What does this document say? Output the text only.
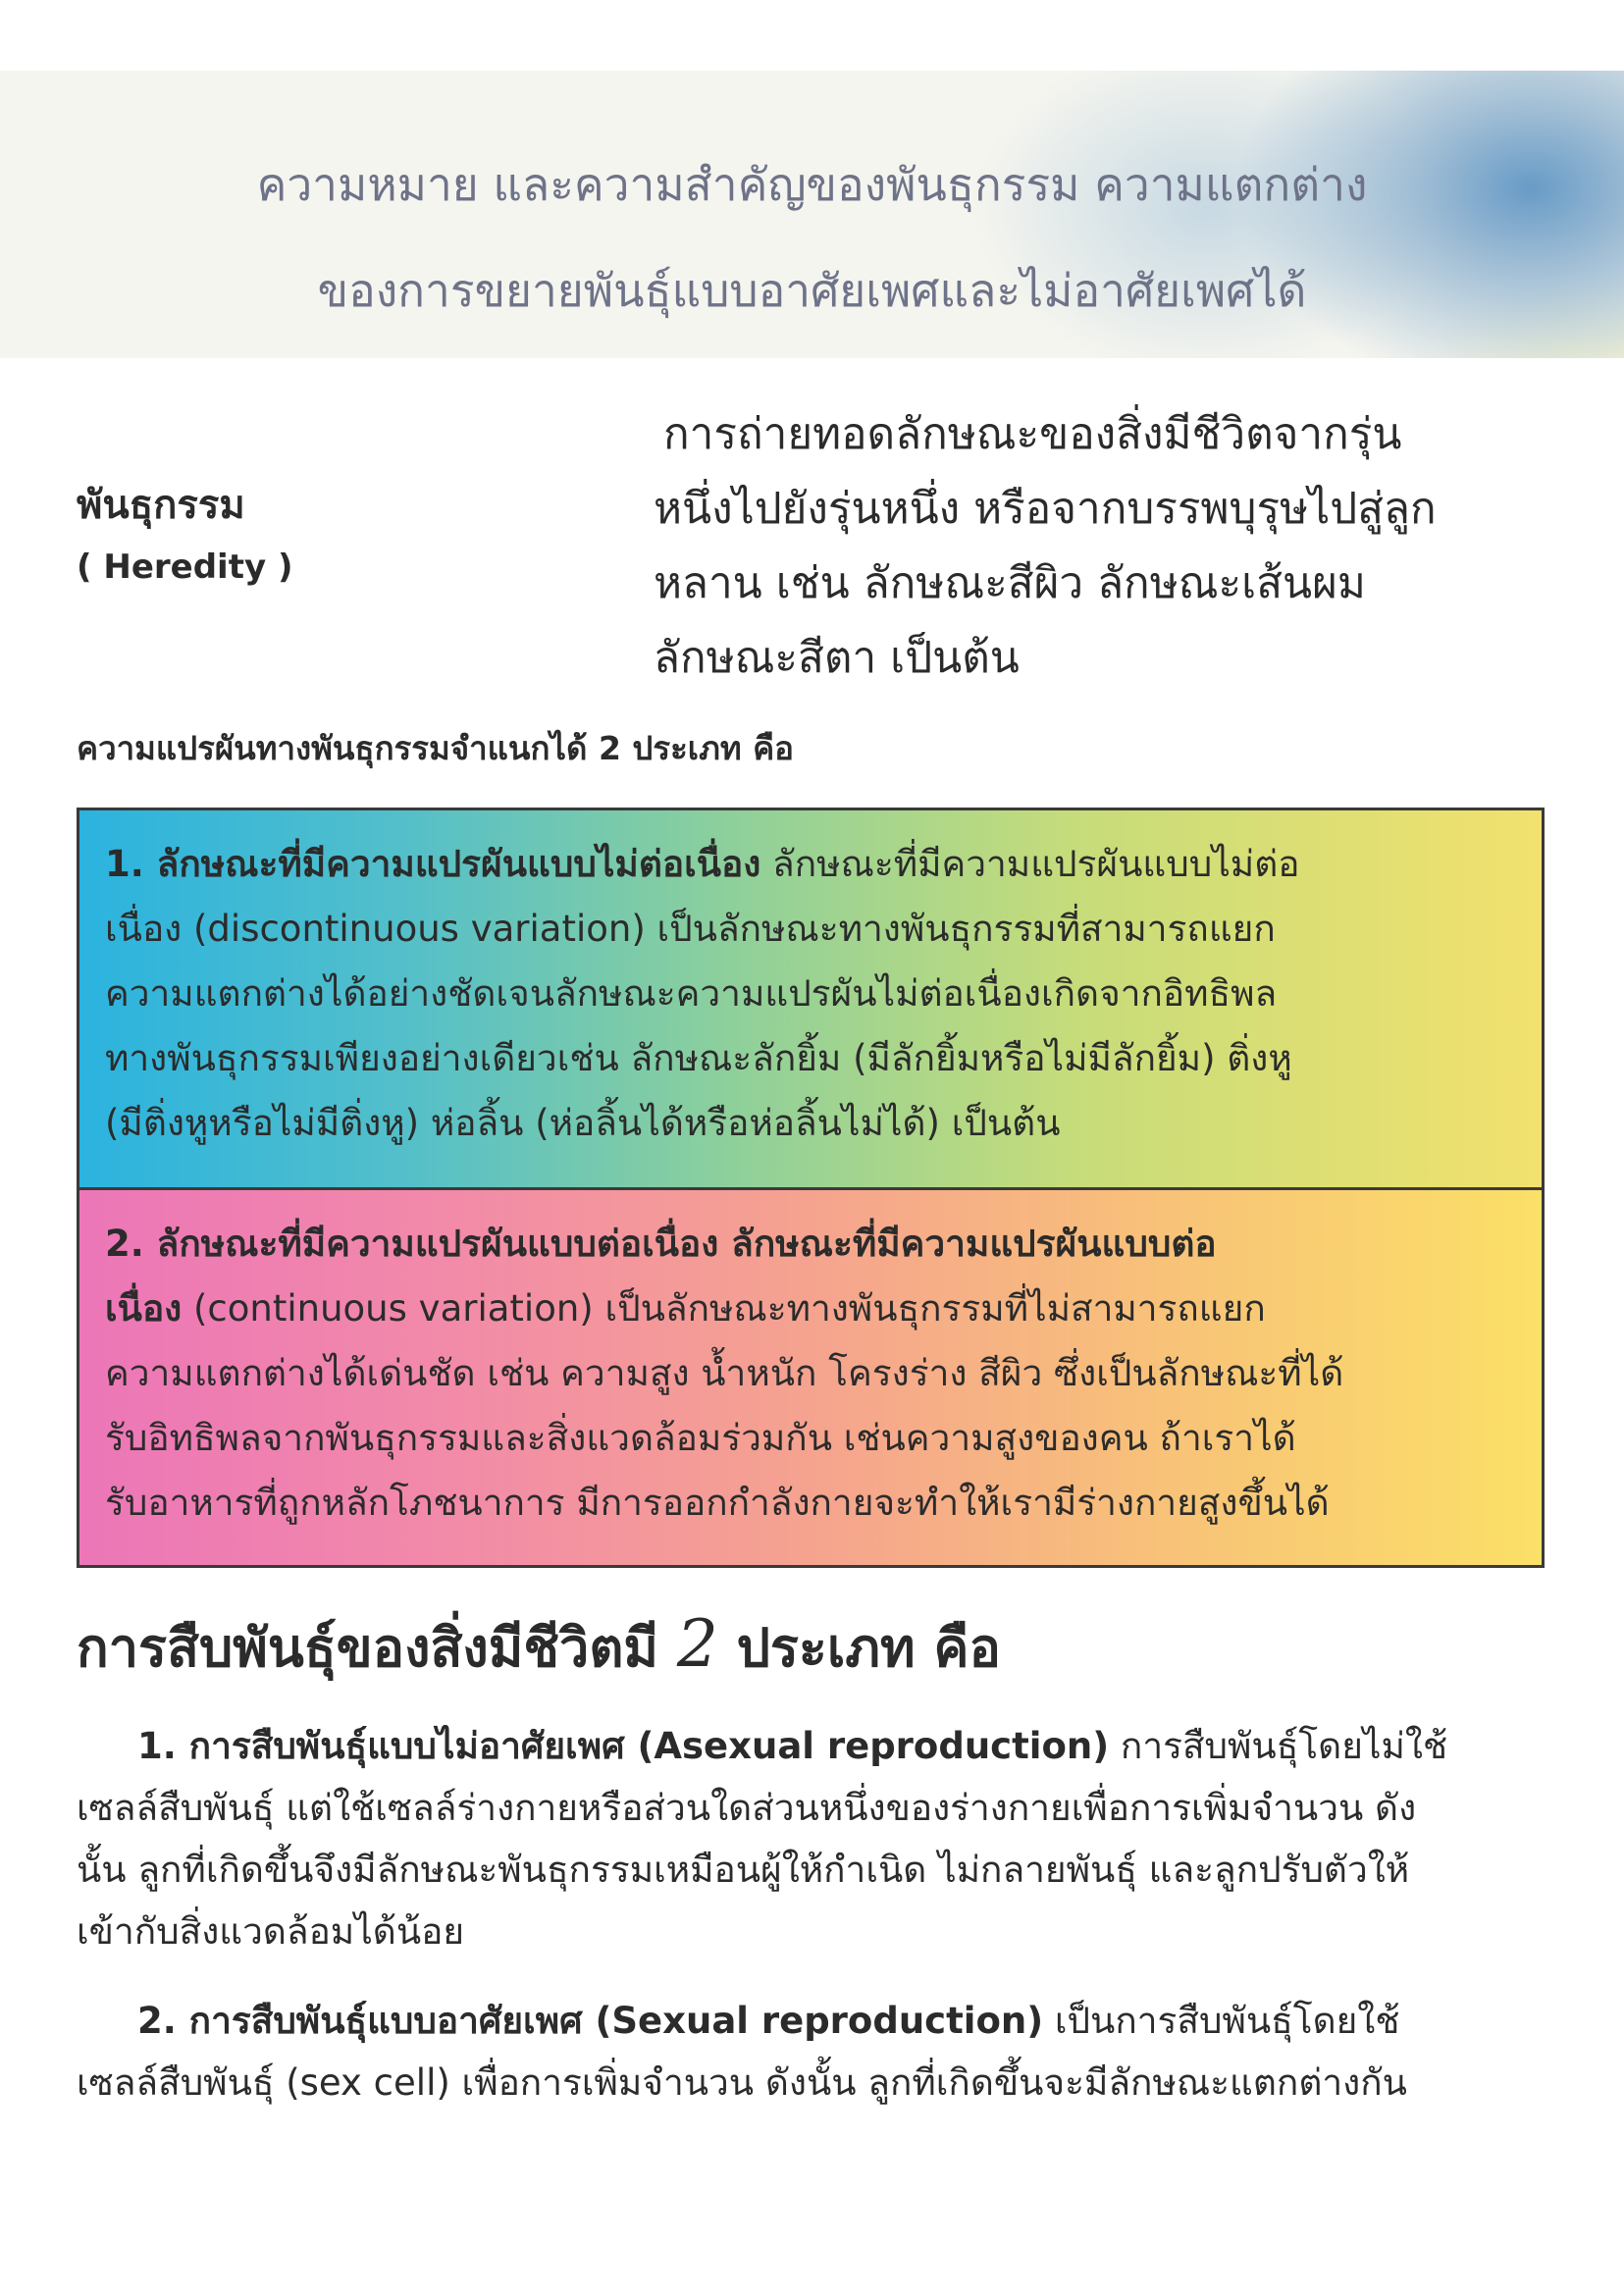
ความหมาย และความสำคัญของพันธุกรรม ความแตกต่าง
ของการขยายพันธุ์แบบอาศัยเพศและไม่อาศัยเพศได้
พันธุกรรม
( Heredity )
การถ่ายทอดลักษณะของสิ่งมีชีวิตจากรุ่น
หนึ่งไปยังรุ่นหนึ่ง หรือจากบรรพบุรุษไปสู่ลูก
หลาน เช่น ลักษณะสีผิว ลักษณะเส้นผม
ลักษณะสีตา เป็นต้น
ความแปรผันทางพันธุกรรมจำแนกได้ 2 ประเภท คือ
1. ลักษณะที่มีความแปรผันแบบไม่ต่อเนื่อง ลักษณะที่มีความแปรผันแบบไม่ต่อ
เนื่อง (discontinuous variation) เป็นลักษณะทางพันธุกรรมที่สามารถแยก
ความแตกต่างได้อย่างชัดเจนลักษณะความแปรผันไม่ต่อเนื่องเกิดจากอิทธิพล
ทางพันธุกรรมเพียงอย่างเดียวเช่น ลักษณะลักยิ้ม (มีลักยิ้มหรือไม่มีลักยิ้ม) ติ่งหู
(มีติ่งหูหรือไม่มีติ่งหู) ห่อลิ้น (ห่อลิ้นได้หรือห่อลิ้นไม่ได้) เป็นต้น
2. ลักษณะที่มีความแปรผันแบบต่อเนื่อง ลักษณะที่มีความแปรผันแบบต่อ
เนื่อง (continuous variation) เป็นลักษณะทางพันธุกรรมที่ไม่สามารถแยก
ความแตกต่างได้เด่นชัด เช่น ความสูง น้ำหนัก โครงร่าง สีผิว ซึ่งเป็นลักษณะที่ได้
รับอิทธิพลจากพันธุกรรมและสิ่งแวดล้อมร่วมกัน เช่นความสูงของคน ถ้าเราได้
รับอาหารที่ถูกหลักโภชนาการ มีการออกกำลังกายจะทำให้เรามีร่างกายสูงขึ้นได้
การสืบพันธุ์ของสิ่งมีชีวิตมี 2 ประเภท คือ
1. การสืบพันธุ์แบบไม่อาศัยเพศ (Asexual reproduction) การสืบพันธุ์โดยไม่ใช้
เซลล์สืบพันธุ์ แต่ใช้เซลล์ร่างกายหรือส่วนใดส่วนหนึ่งของร่างกายเพื่อการเพิ่มจำนวน ดัง
นั้น ลูกที่เกิดขึ้นจึงมีลักษณะพันธุกรรมเหมือนผู้ให้กำเนิด ไม่กลายพันธุ์ และลูกปรับตัวให้
เข้ากับสิ่งแวดล้อมได้น้อย
2. การสืบพันธุ์แบบอาศัยเพศ (Sexual reproduction) เป็นการสืบพันธุ์โดยใช้
เซลล์สืบพันธุ์ (sex cell) เพื่อการเพิ่มจำนวน ดังนั้น ลูกที่เกิดขึ้นจะมีลักษณะแตกต่างกัน
